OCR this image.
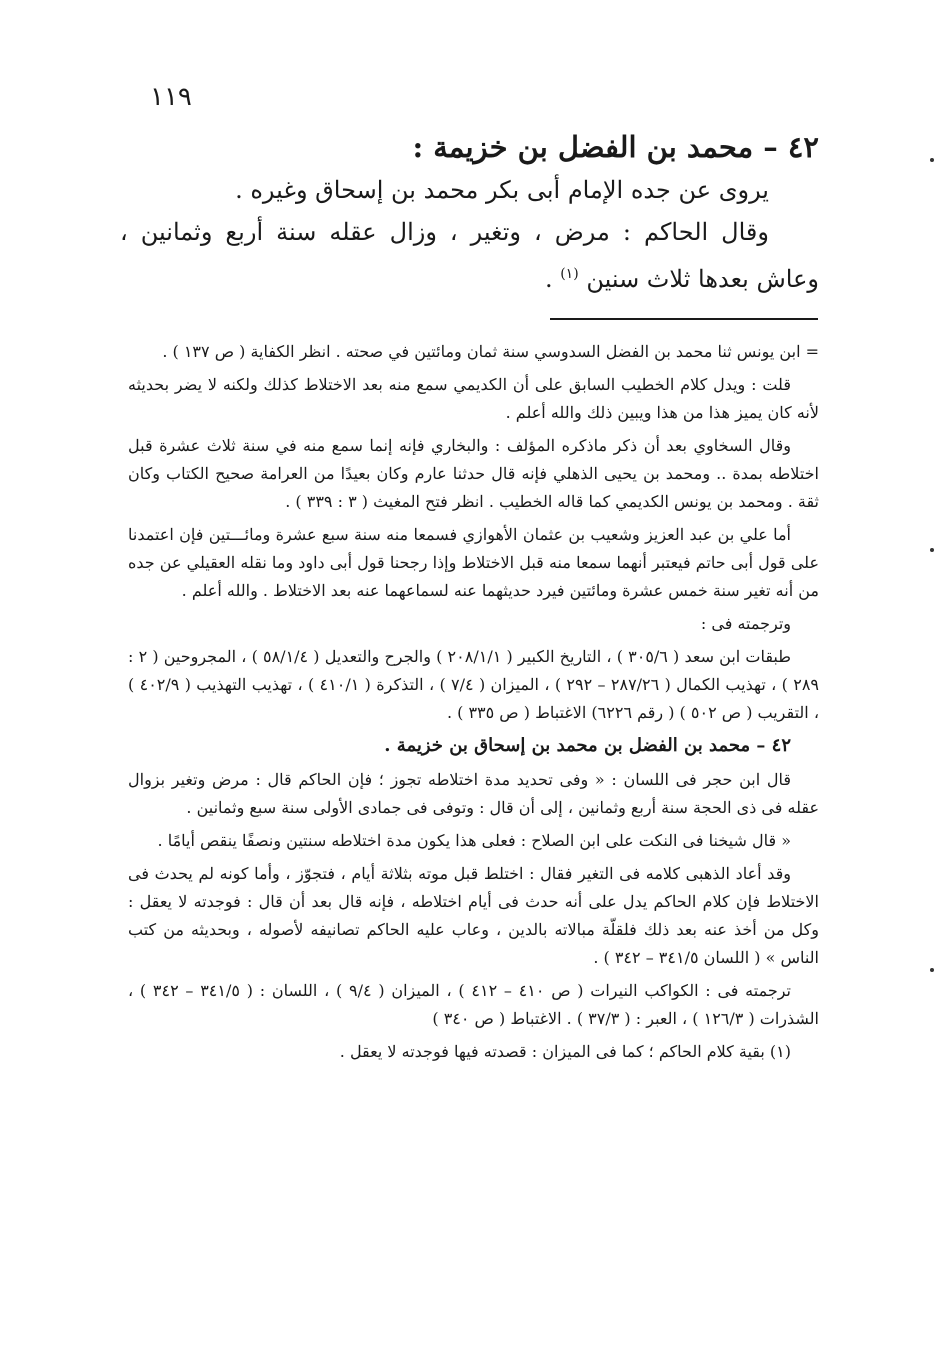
١١٩
٤٢ – محمد بن الفضل بن خزيمة :

يروى عن جده الإمام أبى بكر محمد بن إسحاق وغيره .

وقال الحاكم : مرض ، وتغير ، وزال عقله سنة أربع وثمانين ، وعاش بعدها ثلاث سنين $^{(١)}$ .

= ابن يونس ثنا محمد بن الفضل السدوسي سنة ثمان ومائتين في صحته . انظر الكفاية ( ص ١٣٧ ) .

قلت : ويدل كلام الخطيب السابق على أن الكديمي سمع منه بعد الاختلاط كذلك ولكنه لا يضر بحديثه لأنه كان يميز هذا من هذا ويبين ذلك والله أعلم .

وقال السخاوي بعد أن ذكر ماذكره المؤلف : والبخاري فإنه إنما سمع منه في سنة ثلاث عشرة قبل اختلاطه بمدة .. ومحمد بن يحيى الذهلي فإنه قال حدثنا عارم وكان بعيدًا من العرامة صحيح الكتاب وكان ثقة . ومحمد بن يونس الكديمي كما قاله الخطيب . انظر فتح المغيث ( ٣ : ٣٣٩ ) .

أما علي بن عبد العزيز وشعيب بن عثمان الأهوازي فسمعا منه سنة سبع عشرة ومائـــتين فإن اعتمدنا على قول أبى حاتم فيعتبر أنهما سمعا منه قبل الاختلاط وإذا رجحنا قول أبى داود وما نقله العقيلي عن جده من أنه تغير سنة خمس عشرة ومائتين فيرد حديثهما عنه لسماعهما عنه بعد الاختلاط . والله أعلم .

وترجمته فى :

طبقات ابن سعد ( ٣٠٥/٦ ) ، التاريخ الكبير ( ٢٠٨/١/١ ) والجرح والتعديل ( ٥٨/١/٤ ) ، المجروحين ( ٢ : ٢٨٩ ) ، تهذيب الكمال ( ٢٨٧/٢٦ – ٢٩٢ ) ، الميزان ( ٧/٤ ) ، التذكرة ( ٤١٠/١ ) ، تهذيب التهذيب ( ٤٠٢/٩ ) ، التقريب ( ص ٥٠٢ ) ( رقم ٦٢٢٦) الاغتباط ( ص ٣٣٥ ) .

٤٢ – محمد بن الفضل بن محمد بن إسحاق بن خزيمة .

قال ابن حجر فى اللسان : « وفى تحديد مدة اختلاطه تجوز ؛ فإن الحاكم قال : مرض وتغير بزوال عقله فى ذى الحجة سنة أربع وثمانين ، إلى أن قال : وتوفى فى جمادى الأولى سنة سبع وثمانين .

« قال شيخنا فى النكت على ابن الصلاح : فعلى هذا يكون مدة اختلاطه سنتين ونصفًا ينقص أيامًا .

وقد أعاد الذهبى كلامه فى التغير فقال : اختلط قبل موته بثلاثة أيام ، فتجوّز ، وأما كونه لم يحدث فى الاختلاط فإن كلام الحاكم يدل على أنه حدث فى أيام اختلاطه ، فإنه قال بعد أن قال : فوجدته لا يعقل : وكل من أخذ عنه بعد ذلك فلقلّة مبالاته بالدين ، وعاب عليه الحاكم تصانيفه لأصوله ، وبحديثه من كتب الناس » ( اللسان ٣٤١/٥ – ٣٤٢ ) .

ترجمته فى : الكواكب النيرات ( ص ٤١٠ – ٤١٢ ) ، الميزان ( ٩/٤ ) ، اللسان : ( ٣٤١/٥ – ٣٤٢ ) ، الشذرات ( ١٢٦/٣ ) ، العبر : ( ٣٧/٣ ) . الاغتباط ( ص ٣٤٠ )

(١) بقية كلام الحاكم ؛ كما فى الميزان : قصدته فيها فوجدته لا يعقل .
